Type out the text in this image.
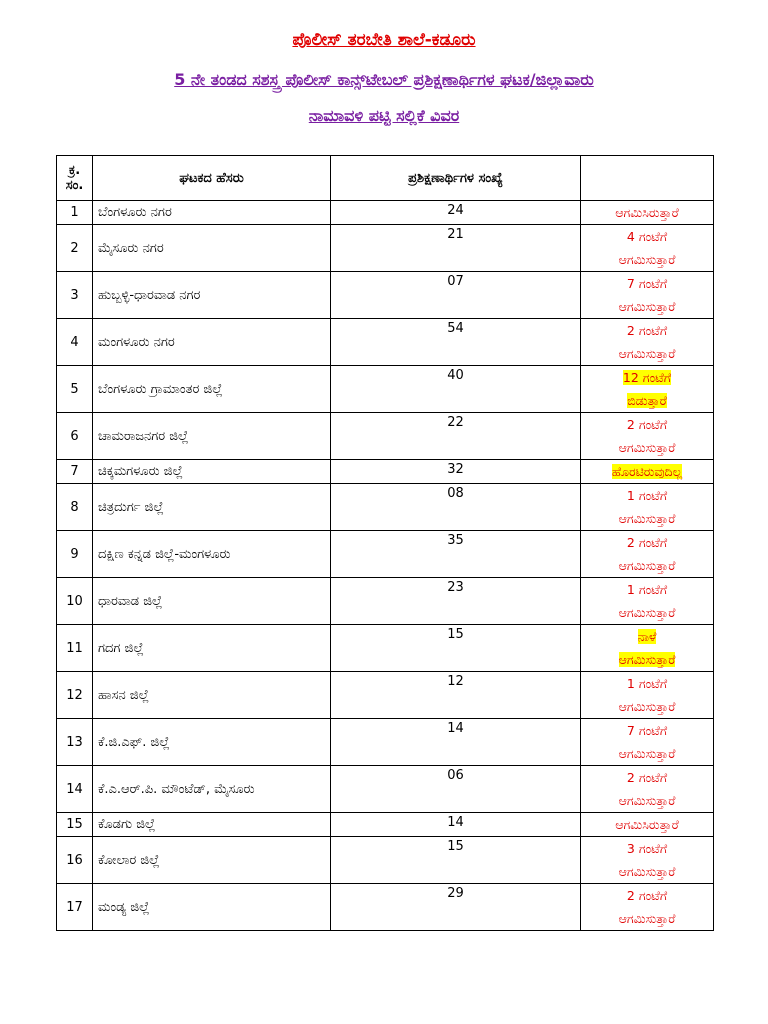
ಪೊಲೀಸ್ ತರಬೇತಿ ಶಾಲೆ-ಕಡೂರು
5 ನೇ ತಂಡದ ಸಶಸ್ತ್ರ ಪೊಲೀಸ್ ಕಾನ್ಸ್‌ಟೇಬಲ್ ಪ್ರಶಿಕ್ಷಣಾರ್ಥಿಗಳ ಘಟಕ/ಜಿಲ್ಲಾವಾರು
ನಾಮಾವಳಿ ಪಟ್ಟಿ ಸಲ್ಲಿಕೆ ವಿವರ
ಕ್ರ. ಸಂ.	ಘಟಕದ ಹೆಸರು	ಪ್ರಶಿಕ್ಷಣಾರ್ಥಿಗಳ ಸಂಖ್ಯೆ	
1	ಬೆಂಗಳೂರು ನಗರ	24	ಆಗಮಿಸಿರುತ್ತಾರೆ

2	ಮೈಸೂರು ನಗರ	21	4 ಗಂಟೆಗೆ
ಆಗಮಿಸುತ್ತಾರೆ

3	ಹುಬ್ಬಳ್ಳಿ-ಧಾರವಾಡ ನಗರ	07	7 ಗಂಟೆಗೆ
ಆಗಮಿಸುತ್ತಾರೆ

4	ಮಂಗಳೂರು ನಗರ	54	2 ಗಂಟೆಗೆ
ಆಗಮಿಸುತ್ತಾರೆ

5	ಬೆಂಗಳೂರು ಗ್ರಾಮಾಂತರ ಜಿಲ್ಲೆ	40	12 ಗಂಟೆಗೆ
ಬಿಡುತ್ತಾರೆ

6	ಚಾಮರಾಜನಗರ ಜಿಲ್ಲೆ	22	2 ಗಂಟೆಗೆ
ಆಗಮಿಸುತ್ತಾರೆ

7	ಚಿಕ್ಕಮಗಳೂರು ಜಿಲ್ಲೆ	32	ಹೊರಟಿರುವುದಿಲ್ಲ

8	ಚಿತ್ರದುರ್ಗ ಜಿಲ್ಲೆ	08	1 ಗಂಟೆಗೆ
ಆಗಮಿಸುತ್ತಾರೆ

9	ದಕ್ಷಿಣ ಕನ್ನಡ ಜಿಲ್ಲೆ-ಮಂಗಳೂರು	35	2 ಗಂಟೆಗೆ
ಆಗಮಿಸುತ್ತಾರೆ

10	ಧಾರವಾಡ ಜಿಲ್ಲೆ	23	1 ಗಂಟೆಗೆ
ಆಗಮಿಸುತ್ತಾರೆ

11	ಗದಗ ಜಿಲ್ಲೆ	15	ನಾಳೆ
ಆಗಮಿಸುತ್ತಾರೆ

12	ಹಾಸನ ಜಿಲ್ಲೆ	12	1 ಗಂಟೆಗೆ
ಆಗಮಿಸುತ್ತಾರೆ

13	ಕೆ.ಜಿ.ಎಫ್. ಜಿಲ್ಲೆ	14	7 ಗಂಟೆಗೆ
ಆಗಮಿಸುತ್ತಾರೆ

14	ಕೆ.ಎ.ಆರ್.ಪಿ. ಮೌಂಟೆಡ್, ಮೈಸೂರು	06	2 ಗಂಟೆಗೆ
ಆಗಮಿಸುತ್ತಾರೆ

15	ಕೊಡಗು ಜಿಲ್ಲೆ	14	ಆಗಮಿಸಿರುತ್ತಾರೆ

16	ಕೋಲಾರ ಜಿಲ್ಲೆ	15	3 ಗಂಟೆಗೆ
ಆಗಮಿಸುತ್ತಾರೆ

17	ಮಂಡ್ಯ ಜಿಲ್ಲೆ	29	2 ಗಂಟೆಗೆ
ಆಗಮಿಸುತ್ತಾರೆ
